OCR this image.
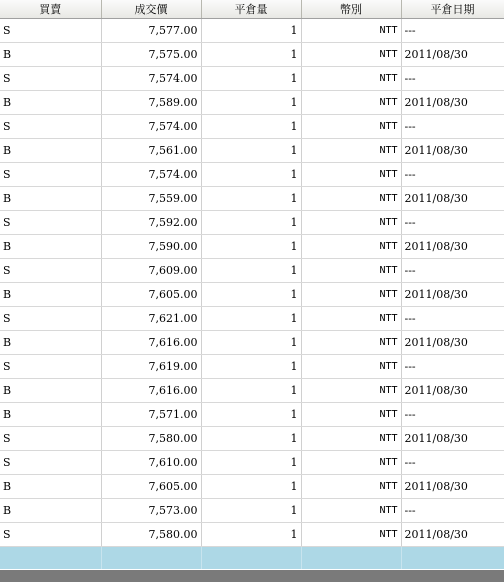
買賣	成交價	平倉量	幣別	平倉日期
S	7,577.00	1	NTT	---
B	7,575.00	1	NTT	2011/08/30
S	7,574.00	1	NTT	---
B	7,589.00	1	NTT	2011/08/30
S	7,574.00	1	NTT	---
B	7,561.00	1	NTT	2011/08/30
S	7,574.00	1	NTT	---
B	7,559.00	1	NTT	2011/08/30
S	7,592.00	1	NTT	---
B	7,590.00	1	NTT	2011/08/30
S	7,609.00	1	NTT	---
B	7,605.00	1	NTT	2011/08/30
S	7,621.00	1	NTT	---
B	7,616.00	1	NTT	2011/08/30
S	7,619.00	1	NTT	---
B	7,616.00	1	NTT	2011/08/30
B	7,571.00	1	NTT	---
S	7,580.00	1	NTT	2011/08/30
S	7,610.00	1	NTT	---
B	7,605.00	1	NTT	2011/08/30
B	7,573.00	1	NTT	---
S	7,580.00	1	NTT	2011/08/30
